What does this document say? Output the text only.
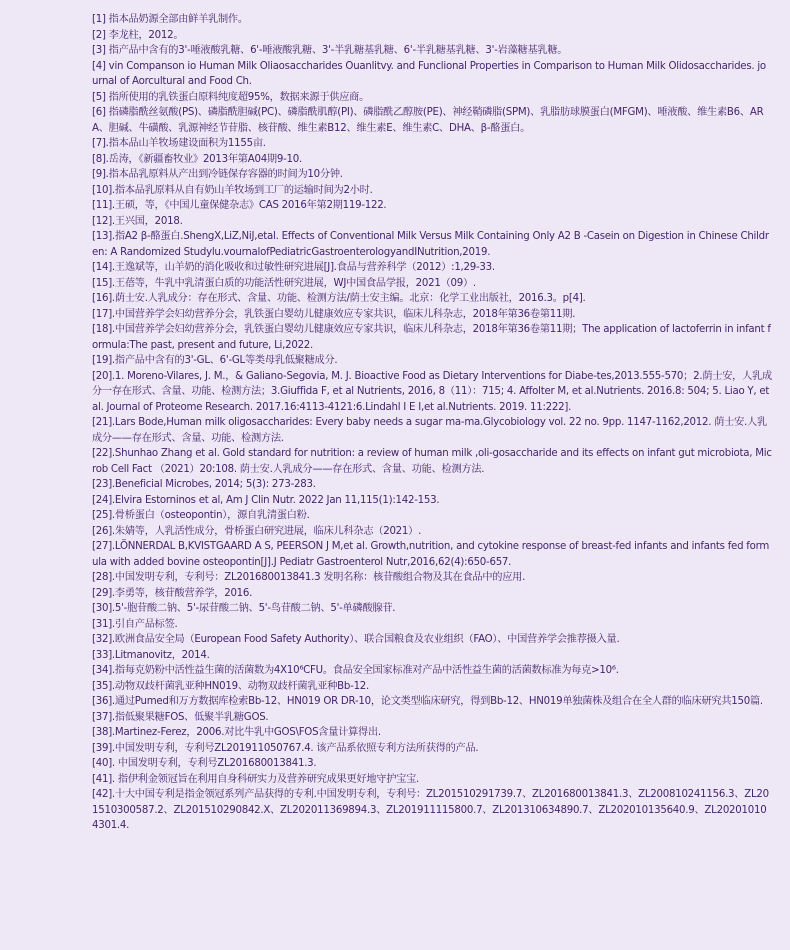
[1] 指本品奶源全部由鲜羊乳制作。
[2] 李龙柱，2012。
[3] 指产品中含有的3'-唾液酸乳糖、6'-唾液酸乳糖、3'-半乳糖基乳糖、6'-半乳糖基乳糖、3'-岩藻糖基乳糖。
[4] vin Companson io Human Milk Oliaosaccharides Ouanlitvy. and Funclional Properties in Comparison to Human Milk Olidosaccharides. journal of Aorcultural and Food Ch.
[5] 指所使用的乳铁蛋白原料纯度超95%，数据来源于供应商。
[6] 指磷脂酰丝氨酸(PS)、磷脂酰胆碱(PC)、磷脂酰肌醇(PI)、磷脂酰乙醇胺(PE)、神经鞘磷脂(SPM)、乳脂肪球膜蛋白(MFGM)、唾液酸、维生素B6、ARA、胆碱、牛磺酸、乳源神经节苷脂、核苷酸、维生素B12、维生素E、维生素C、DHA、β-酪蛋白。
[7].指本品山羊牧场建设面积为1155亩.
[8].岳涛，《新疆畜牧业》2013年第A04期9-10.
[9].指本品乳原料从产出到冷链保存容器的时间为10分钟.
[10].指本品乳原料从自有奶山羊牧场到工厂的运输时间为2小时.
[11].王硕，等，《中国儿童保健杂志》CAS 2016年第2期119-122.
[12].王兴国，2018.
[13].指A2 β-酪蛋白.ShengX,LiZ,NiJ,etal. Effects of Conventional Milk Versus Milk Containing Only A2 B -Casein on Digestion in Chinese Children: A Randomized Studylu.vournalofPediatricGastroenterologyandINutrition,2019.
[14].王逸斌等，山羊奶的消化吸收和过敏性研究进展[J].食品与营养科学（2012）:1,29-33.
[15].王蓓等，牛乳中乳清蛋白质的功能活性研究进展，WJ中国食品学报，2021（09）.
[16].荫士安.人乳成分：存在形式、含量、功能、检测方法/荫士安主编。北京：化学工业出版社，2016.3。p[4].
[17].中国营养学会妇幼营养分会，乳铁蛋白婴幼儿健康效应专家共识，临床儿科杂志，2018年第36卷第11期.
[18].中国营养学会妇幼营养分会，乳铁蛋白婴幼儿健康效应专家共识，临床儿科杂志，2018年第36卷第11期；The application of lactoferrin in infant formula:The past, present and future, Li,2022.
[19].指产品中含有的3'-GL、6'-GL等类母乳低聚糖成分.
[20].1. Moreno-Vilares, J. M.，& Galiano-Segovia, M. J. Bioactive Food as Dietary Interventions for Diabe-tes,2013.555-570；2.荫士安，人乳成分一存在形式、含量、功能、检测方法；3.Giuffida F, et al Nutrients, 2016, 8（11）：715; 4. Affolter M, et al.Nutrients. 2016.8: 504; 5. Liao Y, et al. Journal of Proteome Research. 2017.16:4113-4121:6.Lindahl I E I,et al.Nutrients. 2019. 11:222].
[21].Lars Bode,Human milk oligosaccharides: Every baby needs a sugar ma-ma.Glycobiology vol. 22 no. 9pp. 1147-1162,2012. 荫士安.人乳成分——存在形式、含量、功能、检测方法.
[22].Shunhao Zhang et al. Gold standard for nutrition: a review of human milk ,oli-gosaccharide and its effects on infant gut microbiota, Microb Cell Fact （2021）20:108. 荫士安.人乳成分——存在形式、含量、功能、检测方法.
[23].Beneficial Microbes, 2014; 5(3): 273-283.
[24].Elvira Estorninos et al, Am J Clin Nutr. 2022 Jan 11,115(1):142-153.
[25].骨桥蛋白（osteopontin），源自乳清蛋白粉.
[26].朱婧等，人乳活性成分，骨桥蛋白研究进展，临床儿科杂志（2021）.
[27].LÖNNERDAL B,KVISTGAARD A S, PEERSON J M,et al. Growth,nutrition, and cytokine response of breast-fed infants and infants fed formula with added bovine osteopontin[J].J Pediatr Gastroenterol Nutr,2016,62(4):650-657.
[28].中国发明专利，专利号：ZL201680013841.3 发明名称：核苷酸组合物及其在食品中的应用.
[29].李勇等，核苷酸营养学，2016.
[30].5'-胞苷酸二钠、5'-尿苷酸二钠、5'-鸟苷酸二钠、5'-单磷酸腺苷.
[31].引自产品标签.
[32].欧洲食品安全局（European Food Safety Authority）、联合国粮食及农业组织（FAO）、中国营养学会推荐摄入量.
[33].Litmanovitz，2014.
[34].指每克奶粉中活性益生菌的活菌数为4X10⁶CFU。食品安全国家标准对产品中活性益生菌的活菌数标准为每克>10⁶.
[35].动物双歧杆菌乳亚种HN019、动物双歧杆菌乳亚种Bb-12.
[36].通过Pumed和万方数据库检索Bb-12、HN019 OR DR-10，论文类型临床研究，得到Bb-12、HN019单独菌株及组合在全人群的临床研究共150篇.
[37].指低聚果糖FOS、低聚半乳糖GOS.
[38].Martinez-Ferez，2006.对比牛乳中GOS\FOS含量计算得出.
[39].中国发明专利，专利号ZL201911050767.4. 该产品系依照专利方法所获得的产品.
[40]. 中国发明专利，专利号ZL201680013841.3.
[41]. 指伊利金领冠旨在利用自身科研实力及营养研究成果更好地守护宝宝.
[42].十大中国专利是指金领冠系列产品获得的专利.中国发明专利，专利号：ZL201510291739.7、ZL201680013841.3、ZL200810241156.3、ZL201510300587.2、ZL201510290842.X、ZL202011369894.3、ZL201911115800.7、ZL201310634890.7、ZL202010135640.9、ZL202010104301.4.
